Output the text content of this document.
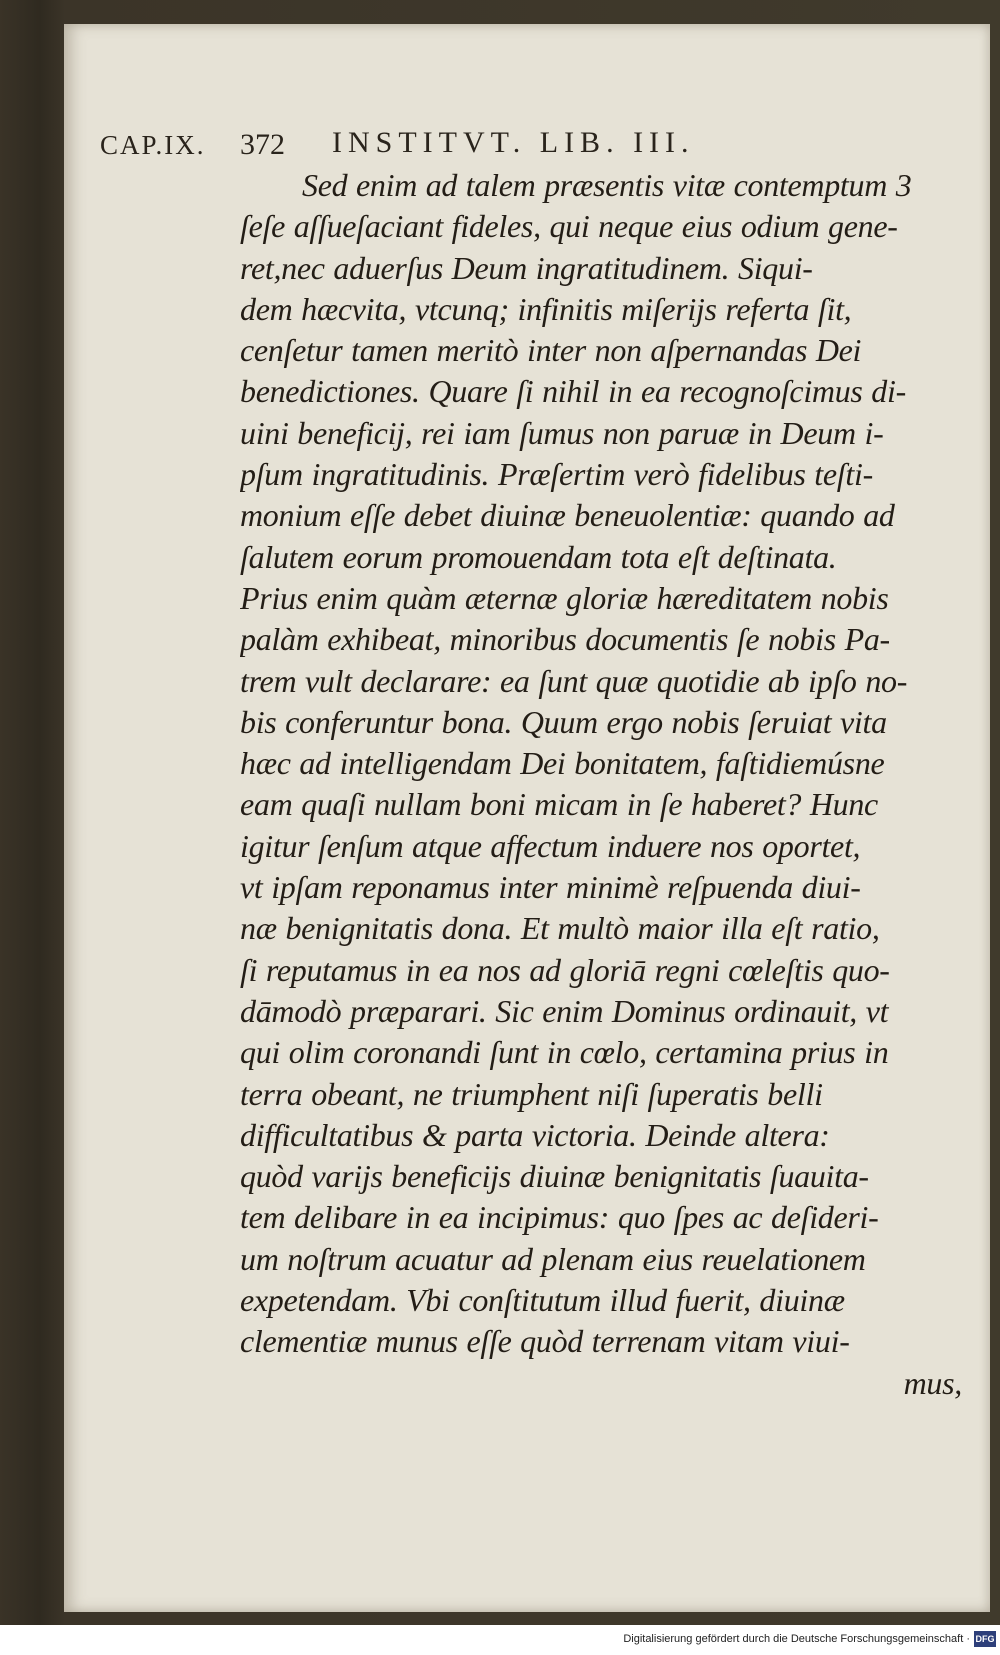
CAP.IX. 372 INSTITVT. LIB. III.
Sed enim ad talem præsentis vitæ contemptum 3
ſeſe aſſueſaciant fideles, qui neque eius odium gene-
ret,nec aduerſus Deum ingratitudinem. Siqui-
dem hæcvita, vtcunq; infinitis miſerijs referta ſit,
cenſetur tamen meritò inter non aſpernandas Dei
benedictiones. Quare ſi nihil in ea recognoſcimus di-
uini beneficij, rei iam ſumus non paruæ in Deum i-
pſum ingratitudinis. Præſertim verò fidelibus teſti-
monium eſſe debet diuinæ beneuolentiæ: quando ad
ſalutem eorum promouendam tota eſt deſtinata.
Prius enim quàm æternæ gloriæ hæreditatem nobis
palàm exhibeat, minoribus documentis ſe nobis Pa-
trem vult declarare: ea ſunt quæ quotidie ab ipſo no-
bis conferuntur bona. Quum ergo nobis ſeruiat vita
hæc ad intelligendam Dei bonitatem, faſtidiemúsne
eam quaſi nullam boni micam in ſe haberet? Hunc
igitur ſenſum atque affectum induere nos oportet,
vt ipſam reponamus inter minimè reſpuenda diui-
næ benignitatis dona. Et multò maior illa eſt ratio,
ſi reputamus in ea nos ad gloriā regni cœleſtis quo-
dāmodò præparari. Sic enim Dominus ordinauit, vt
qui olim coronandi ſunt in cœlo, certamina prius in
terra obeant, ne triumphent niſi ſuperatis belli
difficultatibus & parta victoria. Deinde altera:
quòd varijs beneficijs diuinæ benignitatis ſuauita-
tem delibare in ea incipimus: quo ſpes ac deſideri-
um noſtrum acuatur ad plenam eius reuelationem
expetendam. Vbi conſtitutum illud fuerit, diuinæ
clementiæ munus eſſe quòd terrenam vitam viui-
mus,
Digitalisierung gefördert durch die Deutsche Forschungsgemeinschaft · DFG
